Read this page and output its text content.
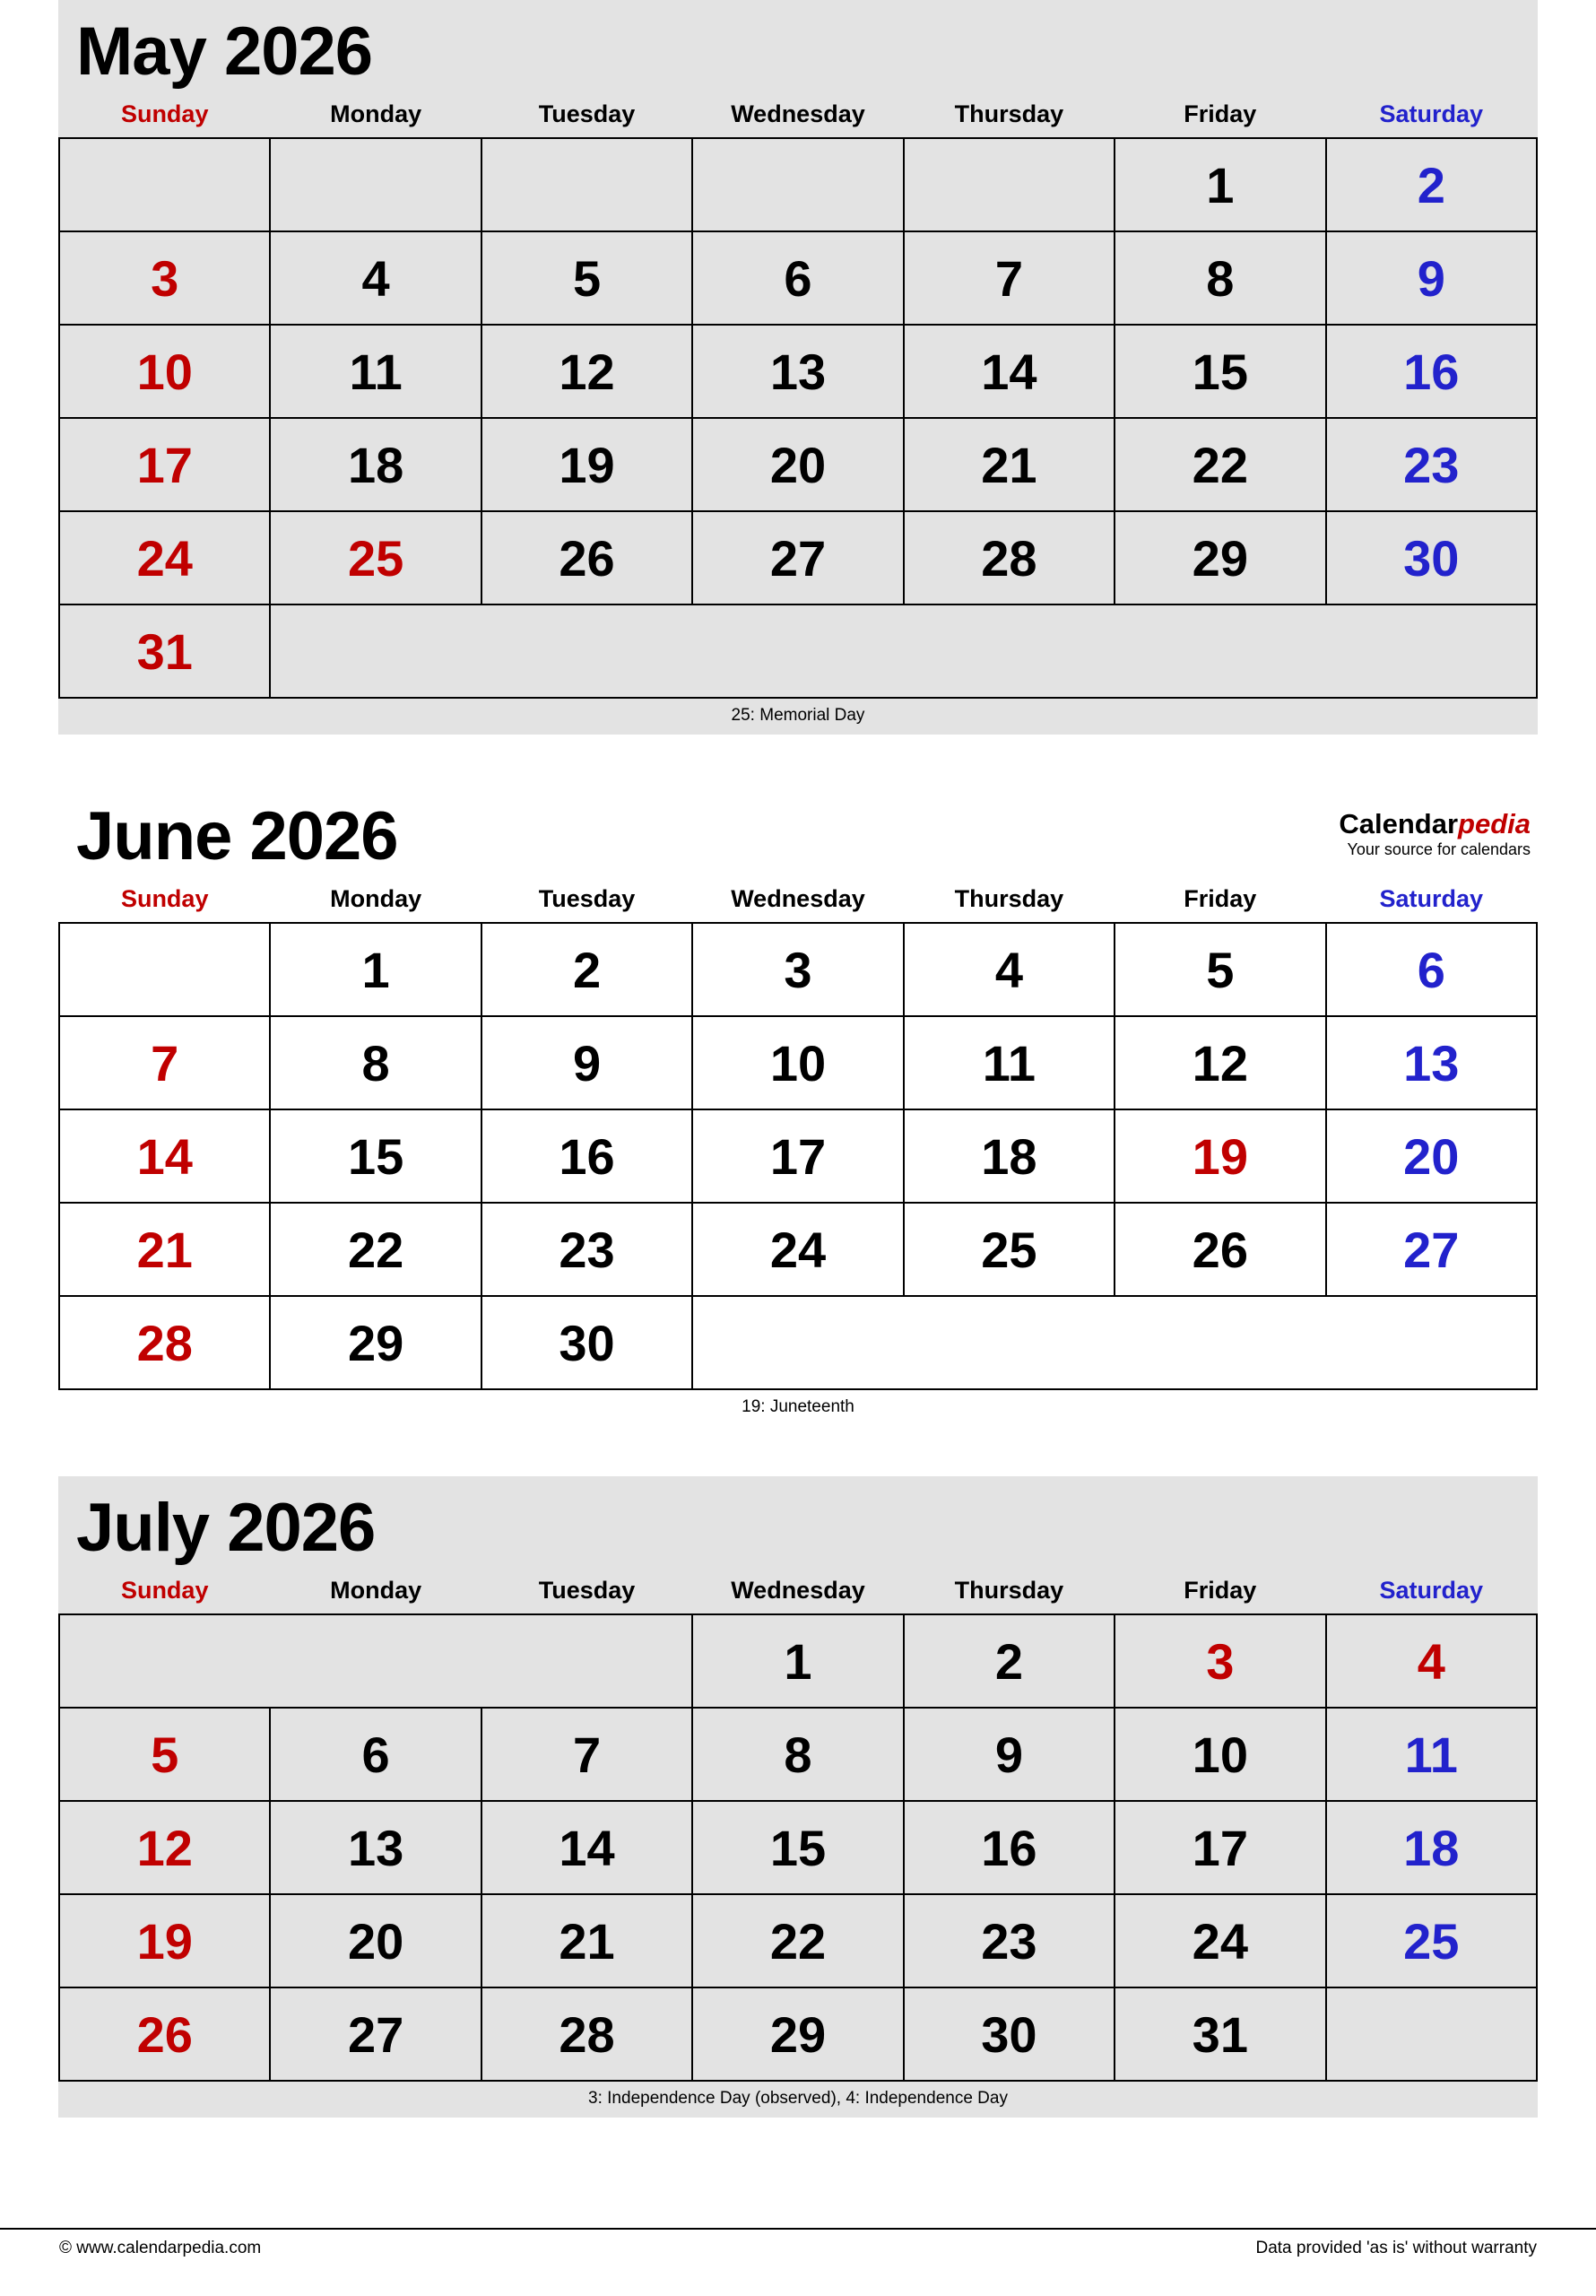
May 2026
Sunday	Monday	Tuesday	Wednesday	Thursday	Friday	Saturday
					1	2
3	4	5	6	7	8	9
10	11	12	13	14	15	16
17	18	19	20	21	22	23
24	25	26	27	28	29	30
31						
25: Memorial Day
June 2026	Calendarpedia
Your source for calendars
Sunday	Monday	Tuesday	Wednesday	Thursday	Friday	Saturday
	1	2	3	4	5	6
7	8	9	10	11	12	13
14	15	16	17	18	19	20
21	22	23	24	25	26	27
28	29	30				
19: Juneteenth
July 2026
Sunday	Monday	Tuesday	Wednesday	Thursday	Friday	Saturday
			1	2	3	4
5	6	7	8	9	10	11
12	13	14	15	16	17	18
19	20	21	22	23	24	25
26	27	28	29	30	31	
3: Independence Day (observed), 4: Independence Day
© www.calendarpedia.com	Data provided 'as is' without warranty
